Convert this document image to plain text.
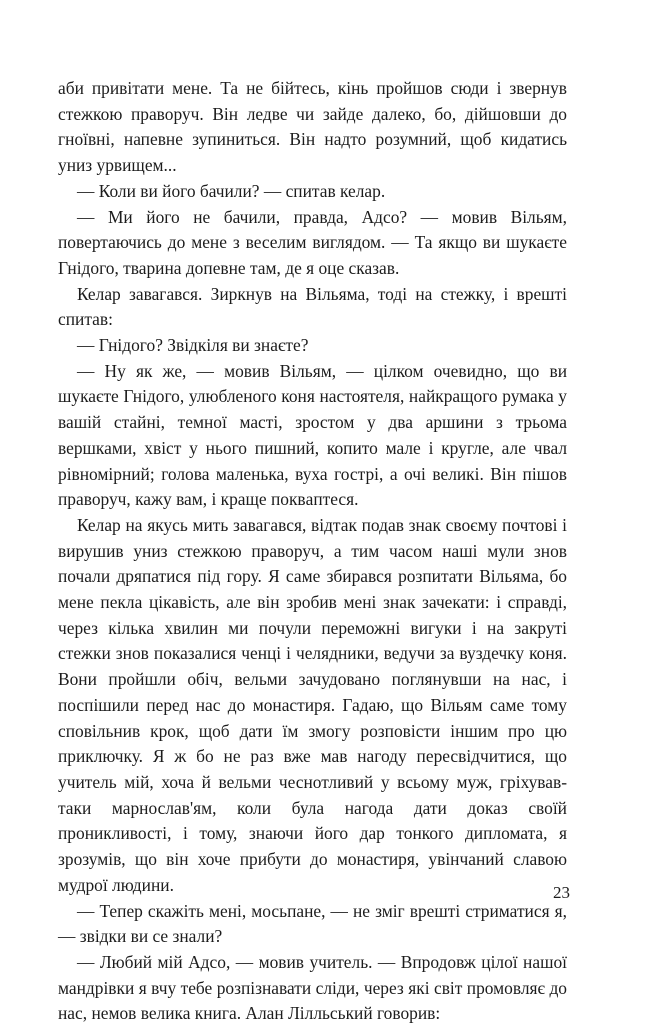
аби привітати мене. Та не бійтесь, кінь пройшов сюди і звернув стежкою праворуч. Він ледве чи зайде далеко, бо, дійшовши до гноївні, напевне зупиниться. Він надто розумний, щоб кидатись униз урвищем...

— Коли ви його бачили? — спитав келар.

— Ми його не бачили, правда, Адсо? — мовив Вільям, повертаючись до мене з веселим виглядом. — Та якщо ви шукаєте Гнідого, тварина допевне там, де я оце сказав.

Келар завагався. Зиркнув на Вільяма, тоді на стежку, і врешті спитав:

— Гнідого? Звідкіля ви знаєте?

— Ну як же, — мовив Вільям, — цілком очевидно, що ви шукаєте Гнідого, улюбленого коня настоятеля, найкращого румака у вашій стайні, темної масті, зростом у два аршини з трьома вершками, хвіст у нього пишний, копито мале і кругле, але чвал рівномірний; голова маленька, вуха гострі, а очі великі. Він пішов праворуч, кажу вам, і краще поквaптеся.

Келар на якусь мить завагався, відтак подав знак своєму почтові і вирушив униз стежкою праворуч, а тим часом наші мули знов почали дряпатися під гору. Я саме збирався розпитати Вільяма, бо мене пекла цікавість, але він зробив мені знак зачекати: і справді, через кілька хвилин ми почули переможні вигуки і на закруті стежки знов показалися ченці і челядники, ведучи за вуздечку коня. Вони пройшли обіч, вельми зачудовано поглянувши на нас, і поспішили перед нас до монастиря. Гадаю, що Вільям саме тому сповільнив крок, щоб дати їм змогу розповісти іншим про цю приключку. Я ж бо не раз вже мав нагоду пересвідчитися, що учитель мій, хоча й вельми чеснотливий у всьому муж, гріхував-таки марнослав'ям, коли була нагода дати доказ своїй проникливості, і тому, знаючи його дар тонкого дипломата, я зрозумів, що він хоче прибути до монастиря, увінчаний славою мудрої людини.

— Тепер скажіть мені, мосьпане, — не зміг врешті стриматися я, — звідки ви се знали?

— Любий мій Адсо, — мовив учитель. — Впродовж цілої нашої мандрівки я вчу тебе розпізнавати сліди, через які світ промовляє до нас, немов велика книга. Алан Лілльський говорив:

23
